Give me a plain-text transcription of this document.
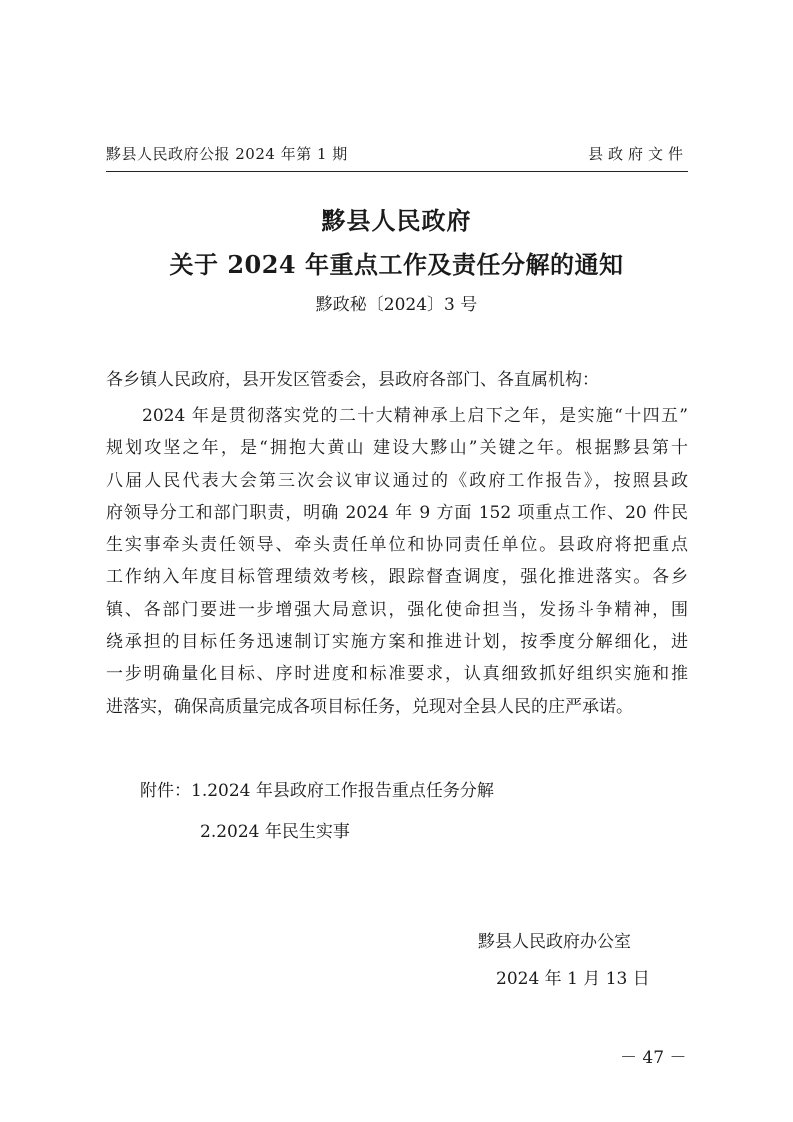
黟县人民政府公报 2024 年第 1 期	县政府文件
黟县人民政府
关于 2024 年重点工作及责任分解的通知
黟政秘〔2024〕3 号
各乡镇人民政府，县开发区管委会，县政府各部门、各直属机构：
2024 年是贯彻落实党的二十大精神承上启下之年，是实施“十四五”
规划攻坚之年，是“拥抱大黄山 建设大黟山”关键之年。根据黟县第十
八届人民代表大会第三次会议审议通过的《政府工作报告》，按照县政
府领导分工和部门职责，明确 2024 年 9 方面 152 项重点工作、20 件民
生实事牵头责任领导、牵头责任单位和协同责任单位。县政府将把重点
工作纳入年度目标管理绩效考核，跟踪督查调度，强化推进落实。各乡
镇、各部门要进一步增强大局意识，强化使命担当，发扬斗争精神，围
绕承担的目标任务迅速制订实施方案和推进计划，按季度分解细化，进
一步明确量化目标、序时进度和标准要求，认真细致抓好组织实施和推
进落实，确保高质量完成各项目标任务，兑现对全县人民的庄严承诺。
附件：1.2024 年县政府工作报告重点任务分解
2.2024 年民生实事
黟县人民政府办公室
2024 年 1 月 13 日
－ 47 －
